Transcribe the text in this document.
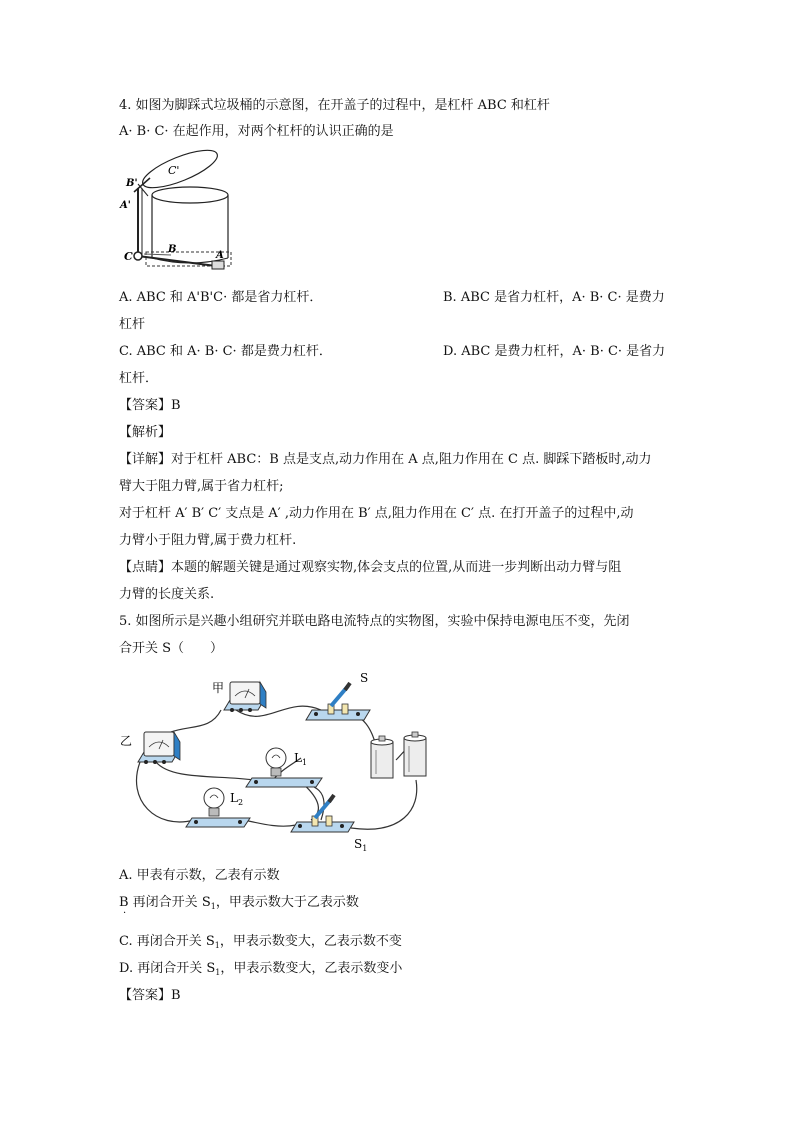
4. 如图为脚踩式垃圾桶的示意图，在开盖子的过程中，是杠杆 ABC 和杠杆
A· B· C· 在起作用，对两个杠杆的认识正确的是
C'
B'
A'
C
B
A
A. ABC 和 A'B'C· 都是省力杠杆．	B. ABC 是省力杠杆，A· B· C· 是费力
杠杆
C. ABC 和 A· B· C· 都是费力杠杆．	D. ABC 是费力杠杆，A· B· C· 是省力
杠杆．
【答案】B
【解析】
【详解】对于杠杆 ABC：B 点是支点,动力作用在 A 点,阻力作用在 C 点. 脚踩下踏板时,动力
臂大于阻力臂,属于省力杠杆;
对于杠杆 A′ B′ C′ 支点是 A′ ,动力作用在 B′ 点,阻力作用在 C′ 点. 在打开盖子的过程中,动
力臂小于阻力臂,属于费力杠杆.
【点睛】本题的解题关键是通过观察实物,体会支点的位置,从而进一步判断出动力臂与阻
力臂的长度关系.
5. 如图所示是兴趣小组研究并联电路电流特点的实物图，实验中保持电源电压不变，先闭
合开关 S（　　）
甲
乙
S
$L_1$
$L_2$
$S_1$
A. 甲表有示数，乙表有示数
B 再闭合开关 $S_1$，甲表示数大于乙表示数
·
C. 再闭合开关 $S_1$，甲表示数变大，乙表示数不变
D. 再闭合开关 $S_1$，甲表示数变大，乙表示数变小
【答案】B
